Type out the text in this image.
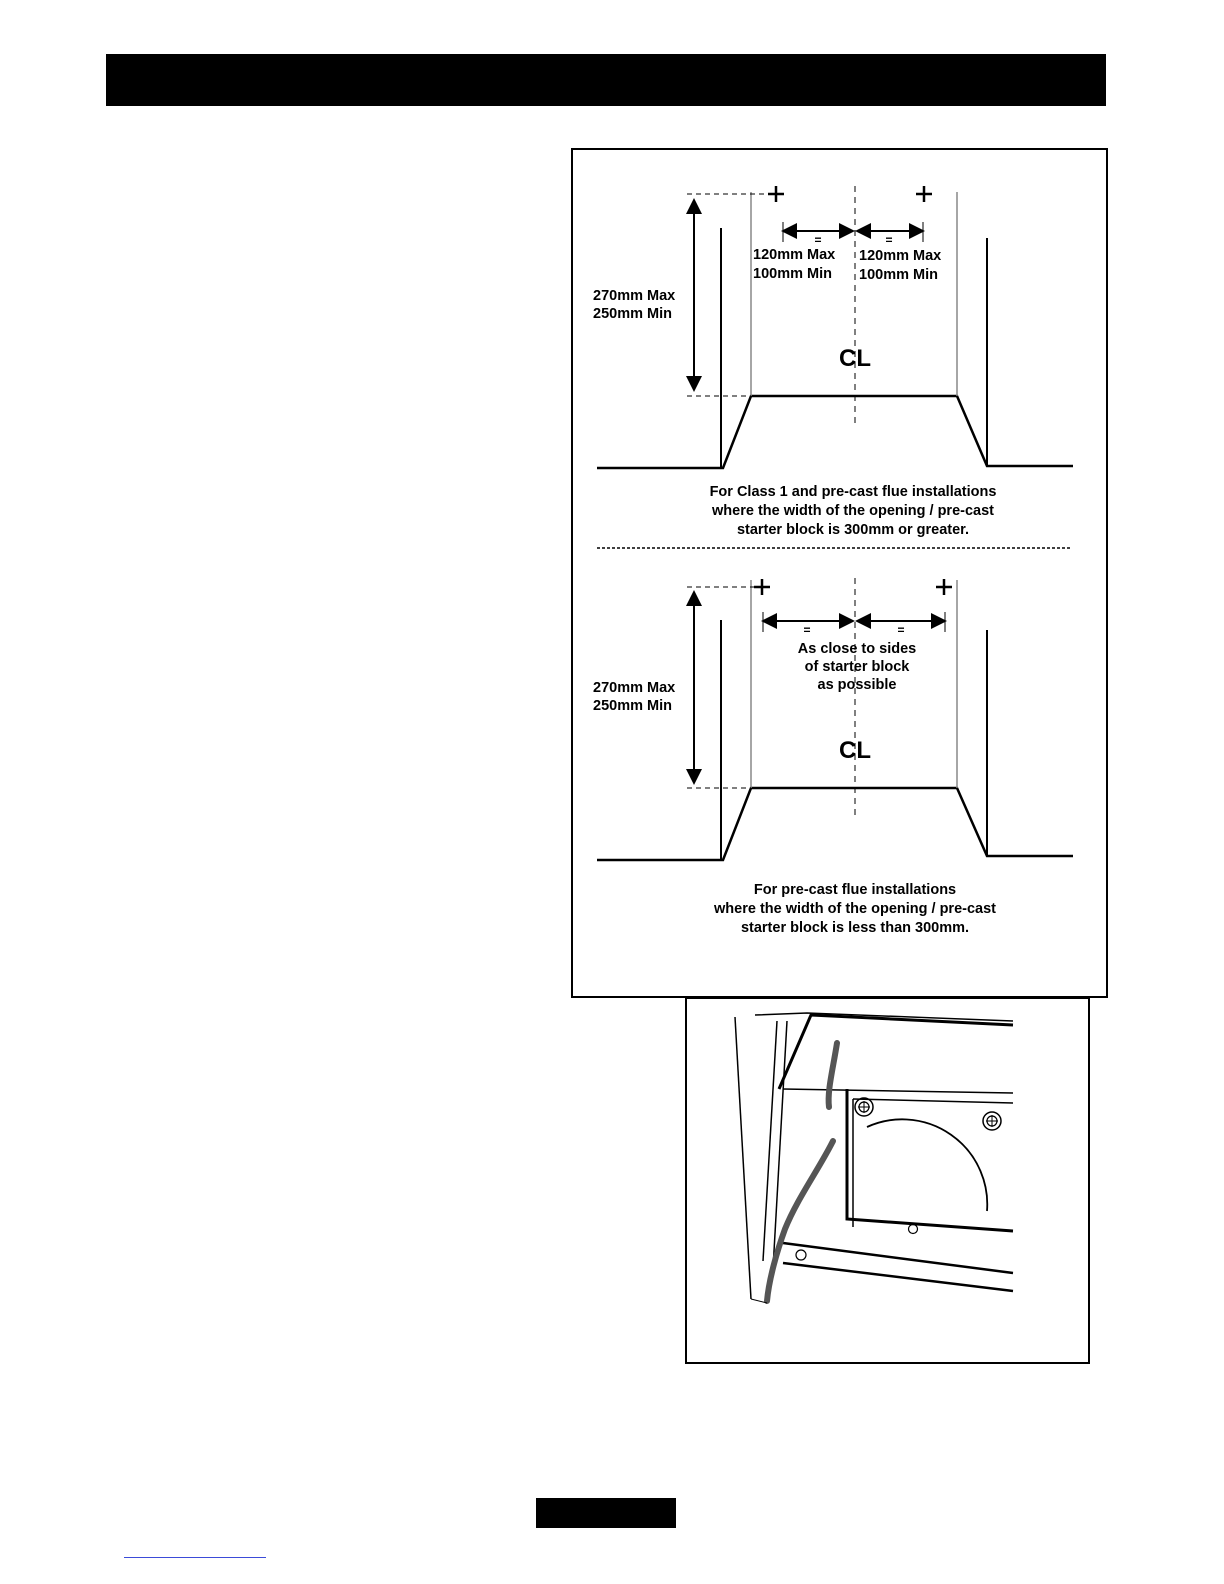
=	=
270mm Max
250mm Min
120mm Max
100mm Min
120mm Max
100mm Min
CL
For Class 1 and pre-cast flue installations
where the width of the opening / pre-cast
starter block is 300mm or greater.
=	=
270mm Max
250mm Min
As close to sides
of starter block
as possible
CL
For pre-cast flue installations
where the width of the opening / pre-cast
starter block is less than 300mm.
